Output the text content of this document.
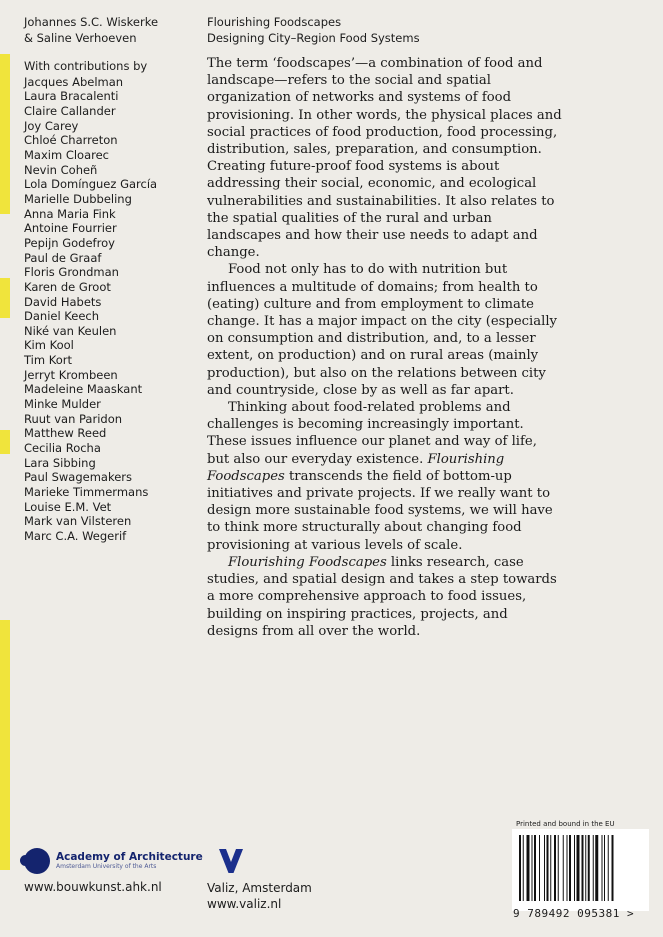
Johannes S.C. Wiskerke
& Saline Verhoeven
With contributions by
Jacques Abelman
Laura Bracalenti
Claire Callander
Joy Carey
Chloé Charreton
Maxim Cloarec
Nevin Coheñ
Lola Domínguez García
Marielle Dubbeling
Anna Maria Fink
Antoine Fourrier
Pepijn Godefroy
Paul de Graaf
Floris Grondman
Karen de Groot
David Habets
Daniel Keech
Niké van Keulen
Kim Kool
Tim Kort
Jerryt Krombeen
Madeleine Maaskant
Minke Mulder
Ruut van Paridon
Matthew Reed
Cecilia Rocha
Lara Sibbing
Paul Swagemakers
Marieke Timmermans
Louise E.M. Vet
Mark van Vilsteren
Marc C.A. Wegerif
Flourishing Foodscapes
Designing City–Region Food Systems

The term ‘foodscapes’—a combination of food and landscape—refers to the social and spatial organization of networks and systems of food provisioning. In other words, the physical places and social practices of food production, food processing, distribution, sales, preparation, and consumption. Creating future-proof food systems is about addressing their social, economic, and ecological vulnerabilities and sustainabilities. It also relates to the spatial qualities of the rural and urban landscapes and how their use needs to adapt and change.

Food not only has to do with nutrition but influences a multitude of domains; from health to (eating) culture and from employment to climate change. It has a major impact on the city (especially on consumption and distribution, and, to a lesser extent, on production) and on rural areas (mainly production), but also on the relations between city and countryside, close by as well as far apart.

Thinking about food-related problems and challenges is becoming increasingly important. These issues influence our planet and way of life, but also our everyday existence. Flourishing Foodscapes transcends the field of bottom-up initiatives and private projects. If we really want to design more sustainable food systems, we will have to think more structurally about changing food provisioning at various levels of scale.

Flourishing Foodscapes links research, case studies, and spatial design and takes a step towards a more comprehensive approach to food issues, building on inspiring practices, projects, and designs from all over the world.

Academy of Architecture
Amsterdam University of the Arts
www.bouwkunst.ahk.nl	Valiz, Amsterdam
www.valiz.nl
Printed and bound in the EU
9 789492 095381 >
